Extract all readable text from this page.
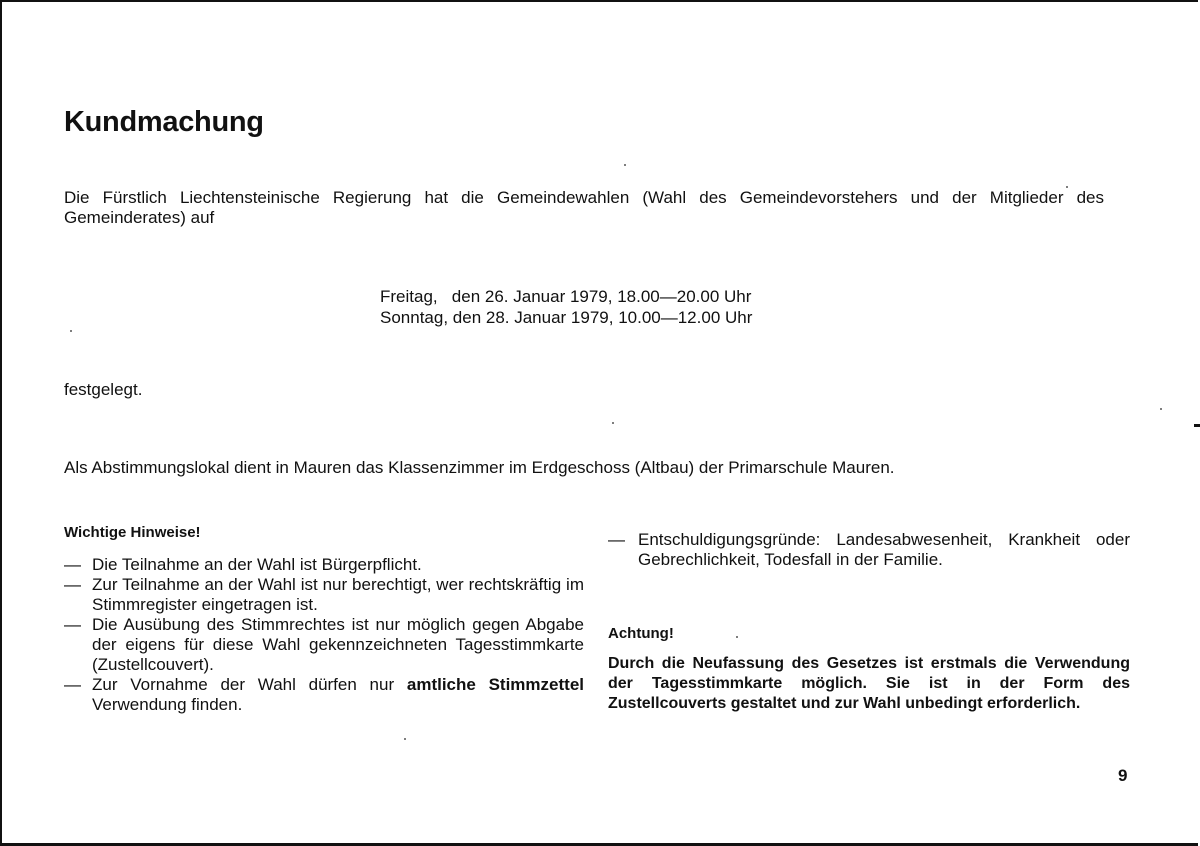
Kundmachung

Die Fürstlich Liechtensteinische Regierung hat die Gemeindewahlen (Wahl des Gemeindevorstehers und der Mitglieder des Gemeinderates) auf

Freitag,   den 26. Januar 1979, 18.00—20.00 Uhr
Sonntag, den 28. Januar 1979, 10.00—12.00 Uhr

festgelegt.

Als Abstimmungslokal dient in Mauren das Klassenzimmer im Erdgeschoss (Altbau) der Primarschule Mauren.

Wichtige Hinweise!

— Die Teilnahme an der Wahl ist Bürgerpflicht.
— Zur Teilnahme an der Wahl ist nur berechtigt, wer rechtskräftig im Stimmregister eingetragen ist.
— Die Ausübung des Stimmrechtes ist nur möglich gegen Abgabe der eigens für diese Wahl gekennzeichneten Tagesstimmkarte (Zustellcouvert).
— Zur Vornahme der Wahl dürfen nur amtliche Stimmzettel Verwendung finden.
— Entschuldigungsgründe: Landesabwesenheit, Krankheit oder Gebrechlichkeit, Todesfall in der Familie.

Achtung!

Durch die Neufassung des Gesetzes ist erstmals die Verwendung der Tagesstimmkarte möglich. Sie ist in der Form des Zustellcouverts gestaltet und zur Wahl unbedingt erforderlich.

9
